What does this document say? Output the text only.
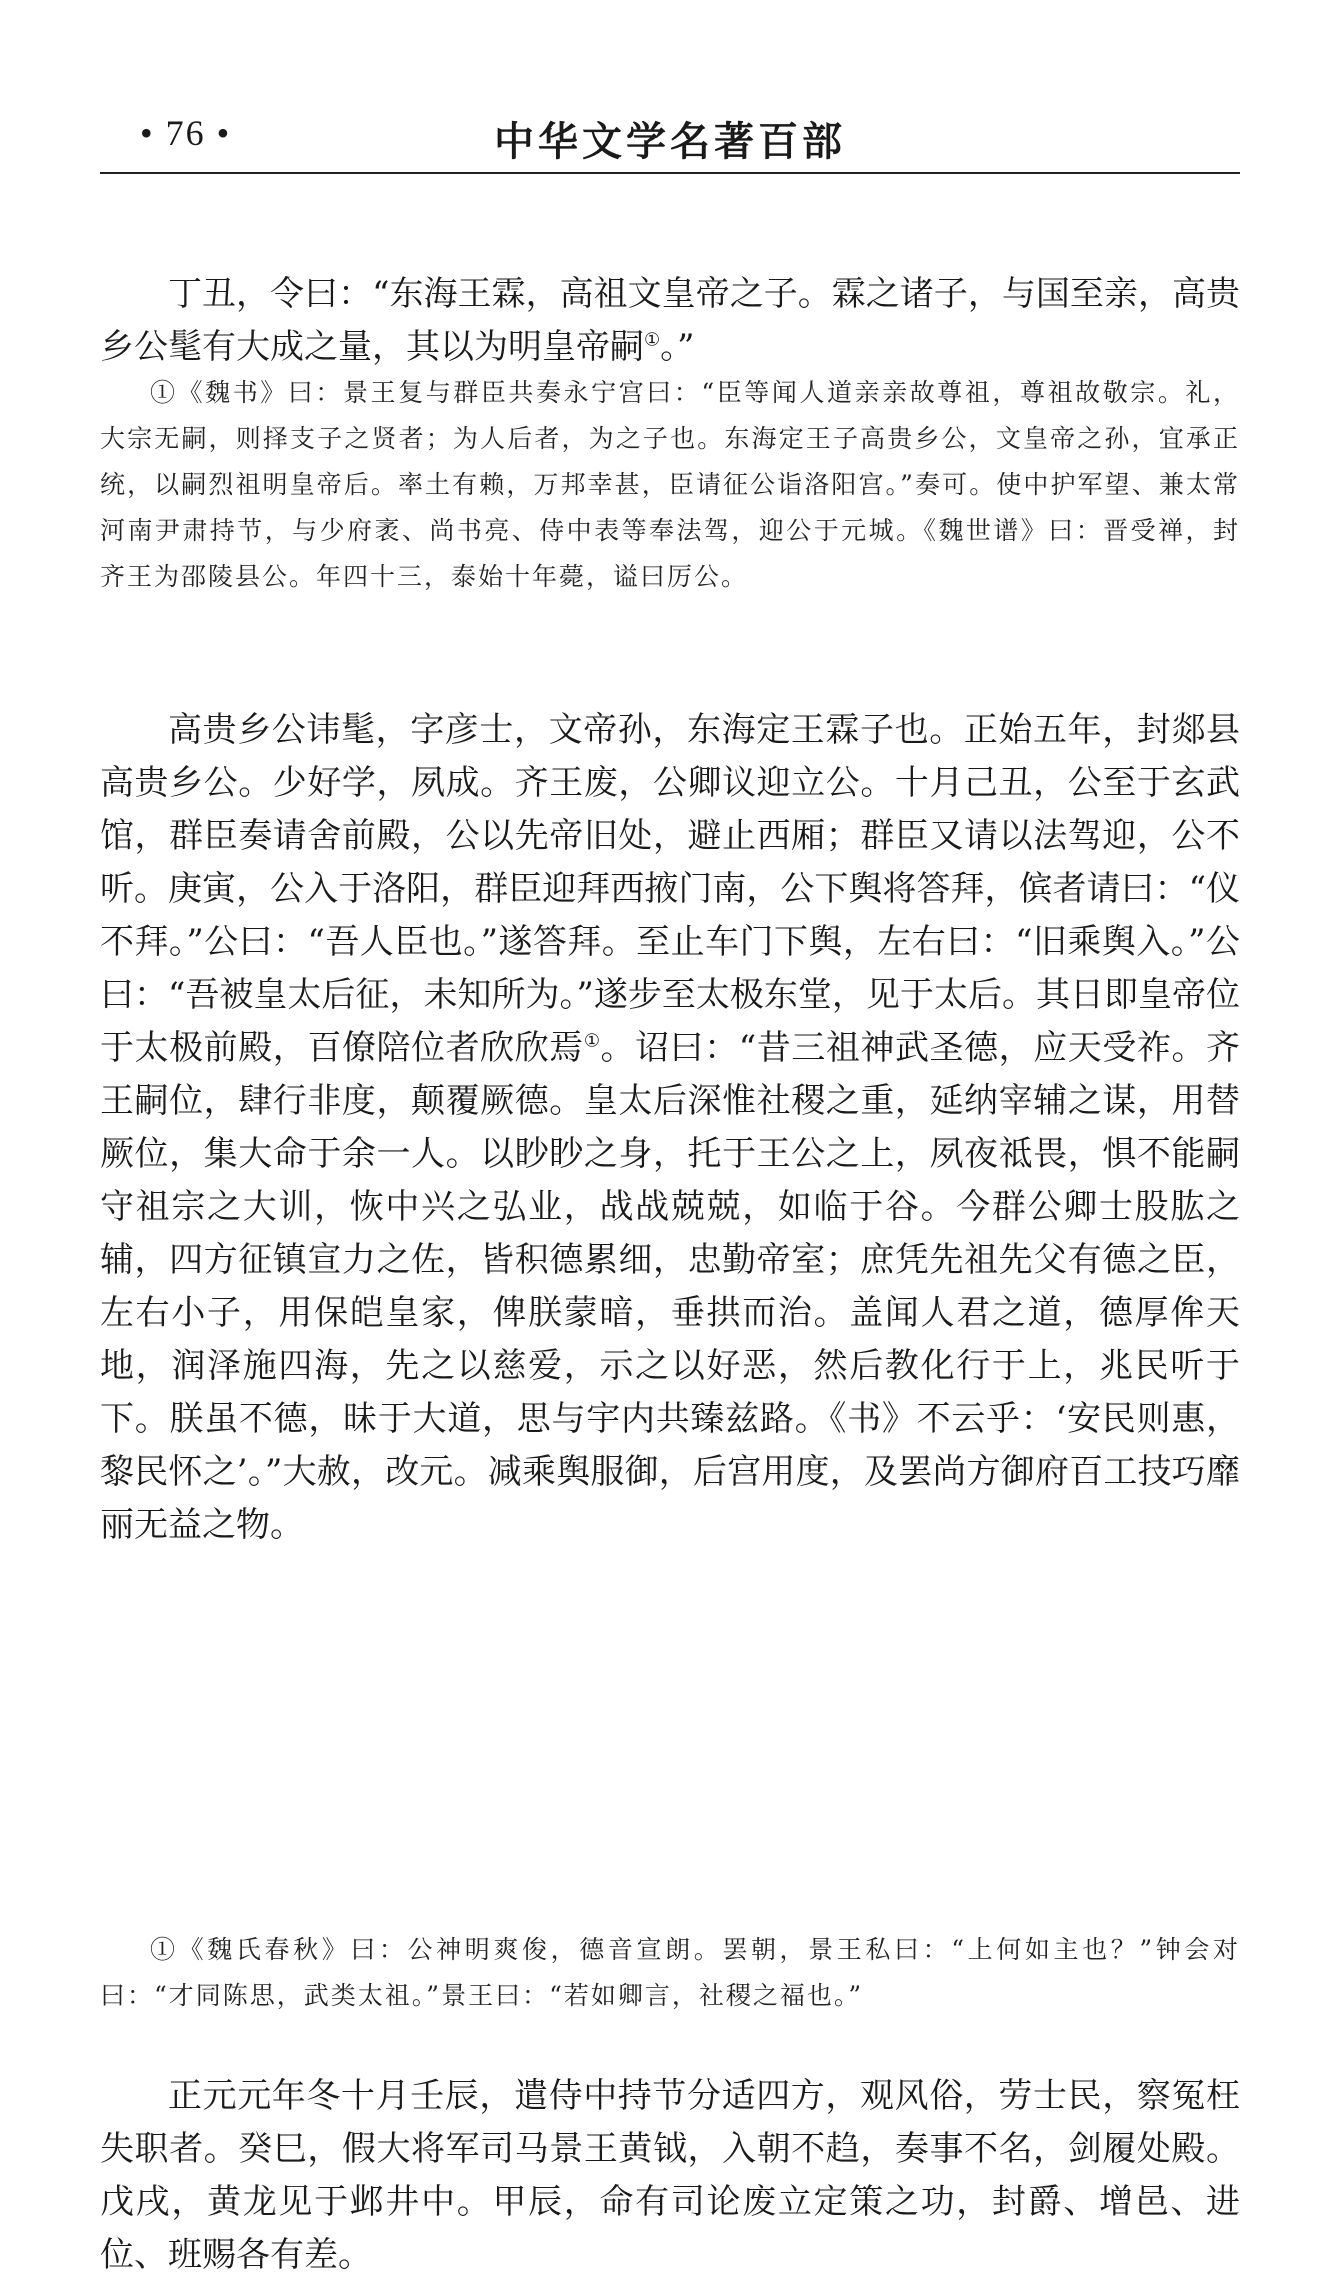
• 76 •	中华文学名著百部

丁丑，令曰：“东海王霖，高祖文皇帝之子。霖之诸子，与国至亲，高贵乡公髦有大成之量，其以为明皇帝嗣①。”

①《魏书》曰：景王复与群臣共奏永宁宫曰：“臣等闻人道亲亲故尊祖，尊祖故敬宗。礼，大宗无嗣，则择支子之贤者；为人后者，为之子也。东海定王子高贵乡公，文皇帝之孙，宜承正统，以嗣烈祖明皇帝后。率土有赖，万邦幸甚，臣请征公诣洛阳宫。”奏可。使中护军望、兼太常河南尹肃持节，与少府袤、尚书亮、侍中表等奉法驾，迎公于元城。《魏世谱》曰：晋受禅，封齐王为邵陵县公。年四十三，泰始十年薨，谥曰厉公。

高贵乡公讳髦，字彦士，文帝孙，东海定王霖子也。正始五年，封郯县高贵乡公。少好学，夙成。齐王废，公卿议迎立公。十月己丑，公至于玄武馆，群臣奏请舍前殿，公以先帝旧处，避止西厢；群臣又请以法驾迎，公不听。庚寅，公入于洛阳，群臣迎拜西掖门南，公下舆将答拜，傧者请曰：“仪不拜。”公曰：“吾人臣也。”遂答拜。至止车门下舆，左右曰：“旧乘舆入。”公曰：“吾被皇太后征，未知所为。”遂步至太极东堂，见于太后。其日即皇帝位于太极前殿，百僚陪位者欣欣焉①。诏曰：“昔三祖神武圣德，应天受祚。齐王嗣位，肆行非度，颠覆厥德。皇太后深惟社稷之重，延纳宰辅之谋，用替厥位，集大命于余一人。以眇眇之身，托于王公之上，夙夜祗畏，惧不能嗣守祖宗之大训，恢中兴之弘业，战战兢兢，如临于谷。今群公卿士股肱之辅，四方征镇宣力之佐，皆积德累细，忠勤帝室；庶凭先祖先父有德之臣，左右小子，用保皑皇家，俾朕蒙暗，垂拱而治。盖闻人君之道，德厚侔天地，润泽施四海，先之以慈爱，示之以好恶，然后教化行于上，兆民听于下。朕虽不德，昧于大道，思与宇内共臻兹路。《书》不云乎：‘安民则惠，黎民怀之’。”大赦，改元。减乘舆服御，后宫用度，及罢尚方御府百工技巧靡丽无益之物。

①《魏氏春秋》曰：公神明爽俊，德音宣朗。罢朝，景王私曰：“上何如主也？”钟会对曰：“才同陈思，武类太祖。”景王曰：“若如卿言，社稷之福也。”

正元元年冬十月壬辰，遣侍中持节分适四方，观风俗，劳士民，察冤枉失职者。癸巳，假大将军司马景王黄钺，入朝不趋，奏事不名，剑履处殿。戊戌，黄龙见于邺井中。甲辰，命有司论废立定策之功，封爵、增邑、进位、班赐各有差。
